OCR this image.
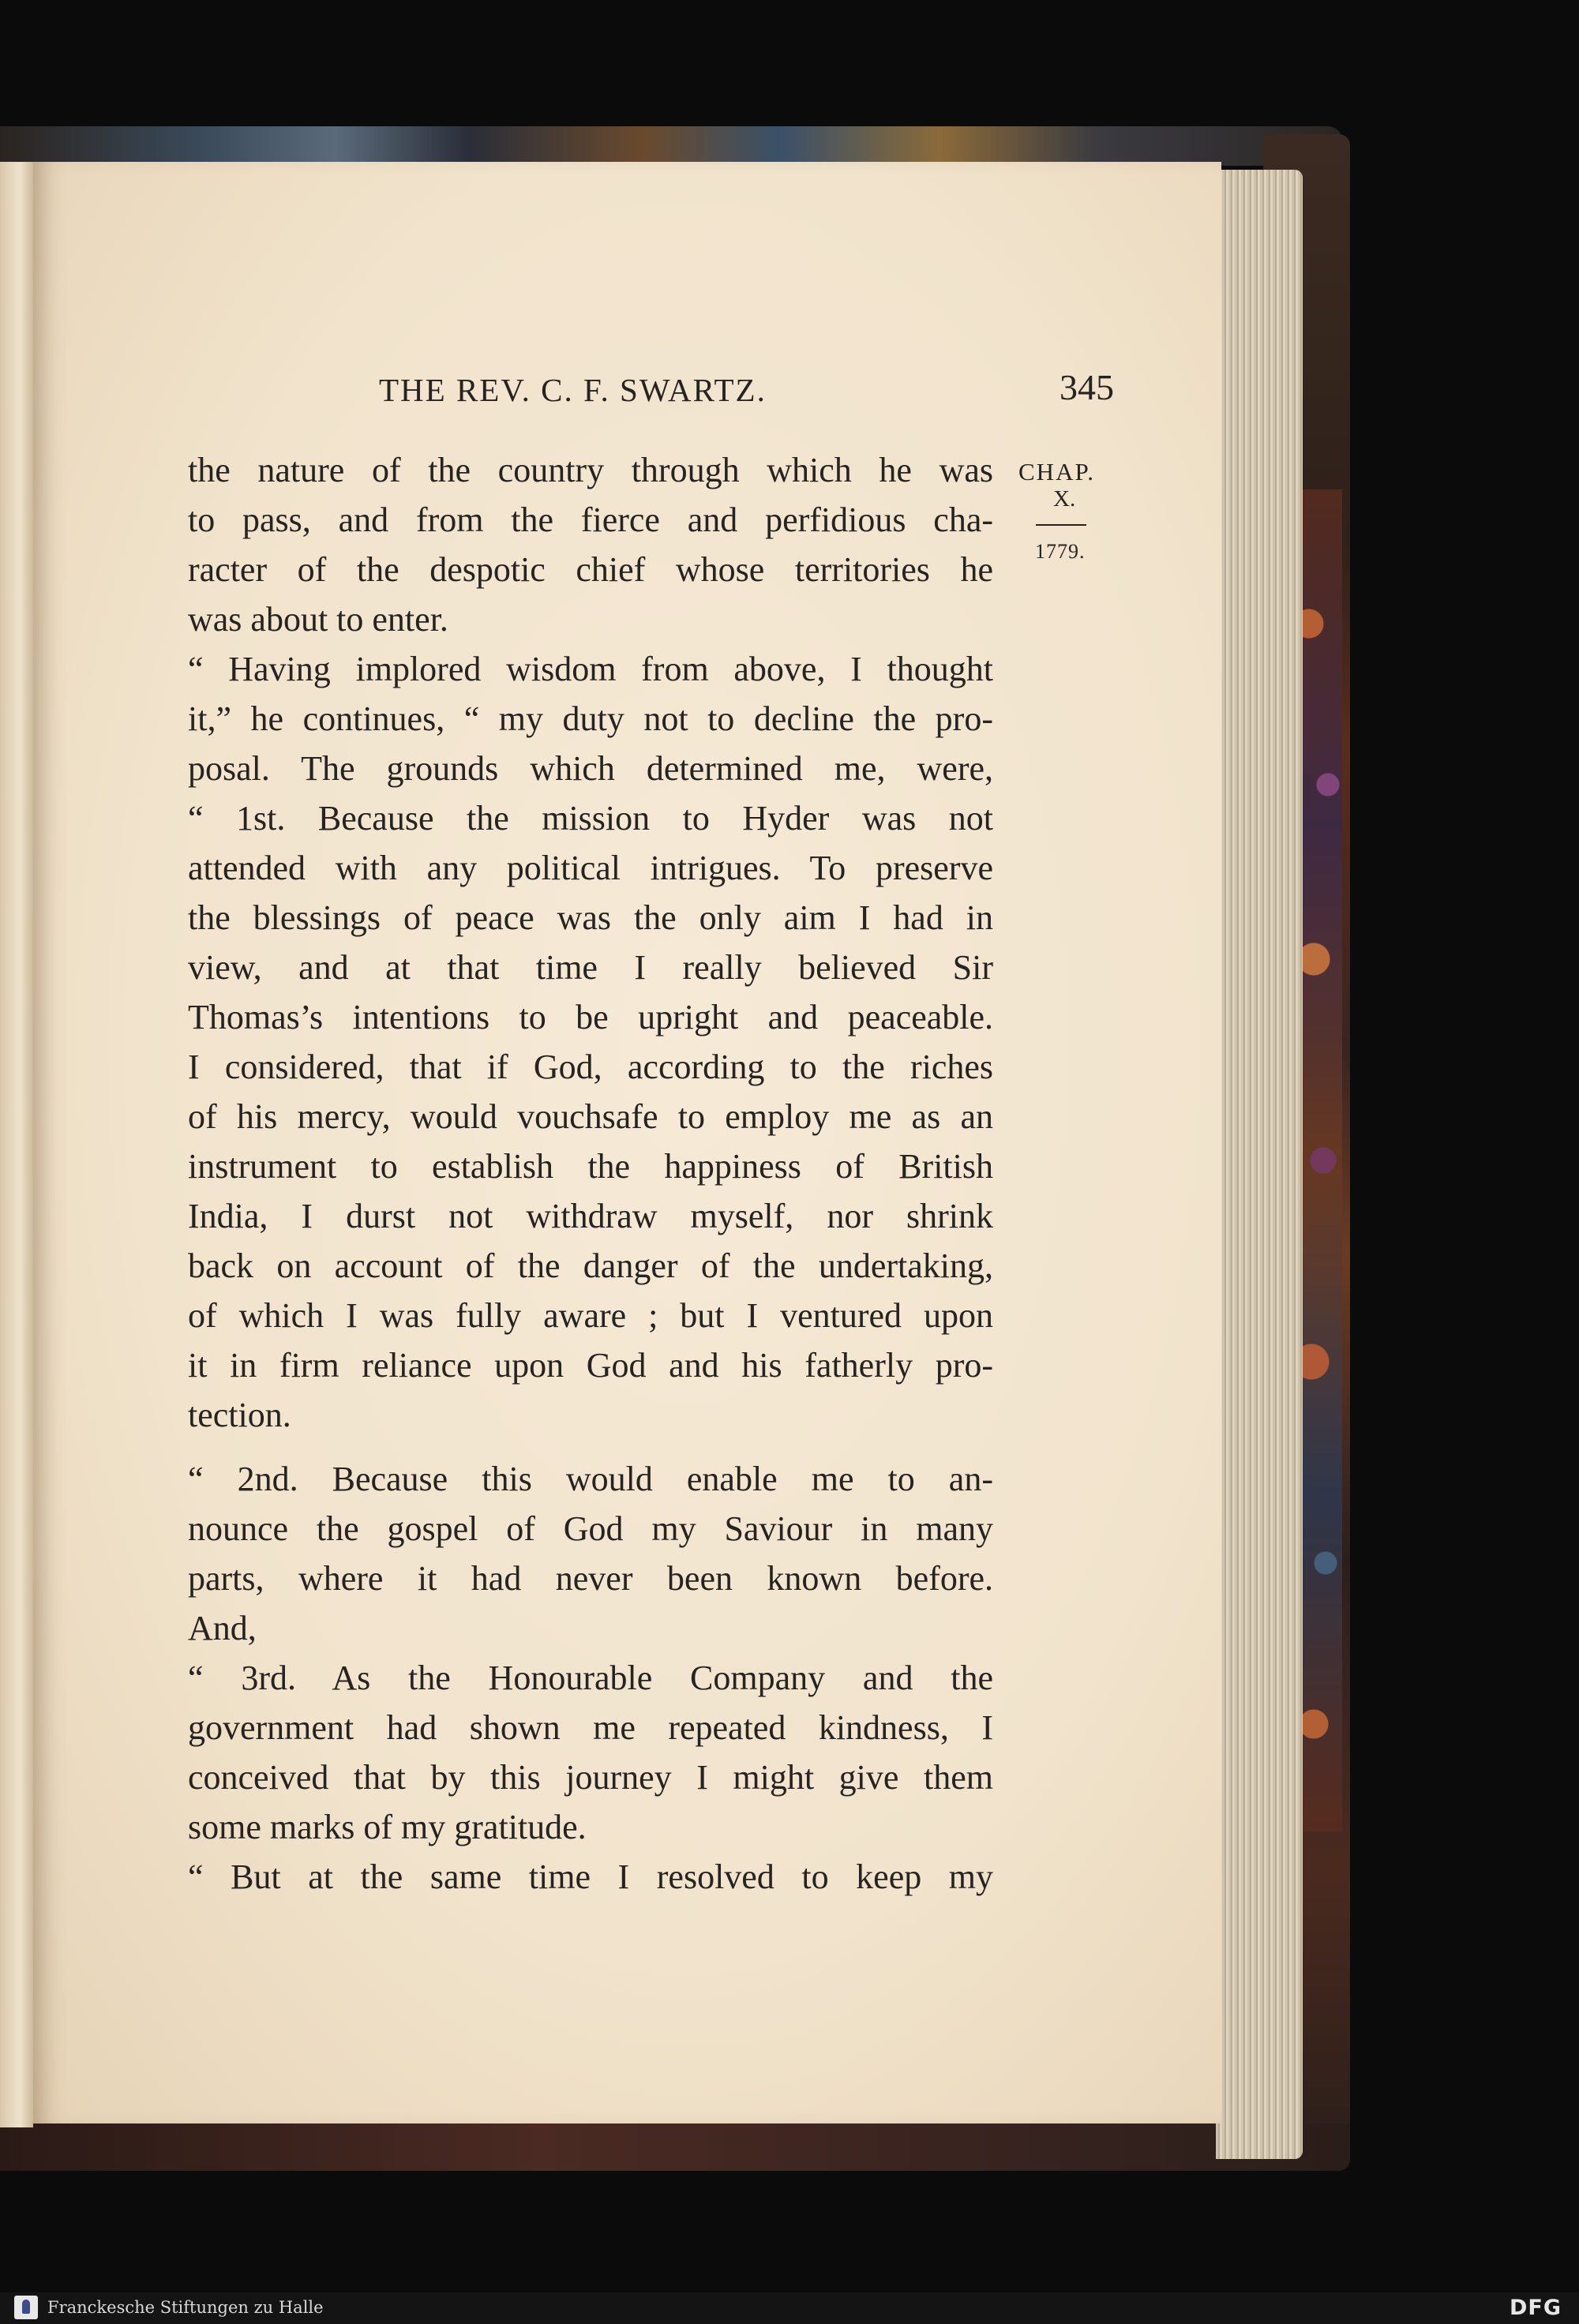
THE REV. C. F. SWARTZ.	345
CHAP.
X.
1779.
the nature of the country through which he was
to pass, and from the fierce and perfidious cha-
racter of the despotic chief whose territories he
was about to enter.
“ Having implored wisdom from above, I thought
it,” he continues, “ my duty not to decline the pro-
posal. The grounds which determined me, were,
“ 1st. Because the mission to Hyder was not
attended with any political intrigues. To preserve
the blessings of peace was the only aim I had in
view, and at that time I really believed Sir
Thomas’s intentions to be upright and peaceable.
I considered, that if God, according to the riches
of his mercy, would vouchsafe to employ me as an
instrument to establish the happiness of British
India, I durst not withdraw myself, nor shrink
back on account of the danger of the undertaking,
of which I was fully aware ; but I ventured upon
it in firm reliance upon God and his fatherly pro-
tection.
“ 2nd. Because this would enable me to an-
nounce the gospel of God my Saviour in many
parts, where it had never been known before.
And,
“ 3rd. As the Honourable Company and the
government had shown me repeated kindness, I
conceived that by this journey I might give them
some marks of my gratitude.
“ But at the same time I resolved to keep my
Franckesche Stiftungen zu Halle	DFG
